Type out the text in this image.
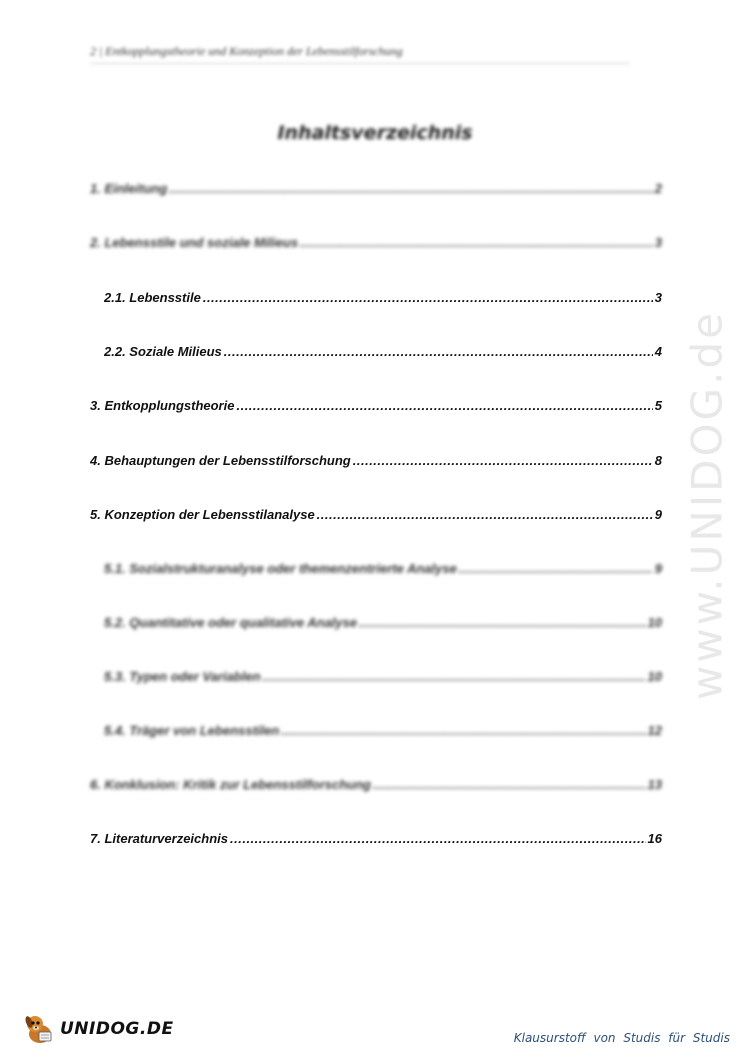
2 | Entkopplungstheorie und Konzeption der Lebensstilforschung
Inhaltsverzeichnis
1. Einleitung .....	2
2. Lebensstile und soziale Milieus .....	3
2.1. Lebensstile .....	3
2.2. Soziale Milieus .....	4
3. Entkopplungstheorie .....	5
4. Behauptungen der Lebensstilforschung .....	8
5. Konzeption der Lebensstilanalyse .....	9
5.1. Sozialstrukturanalyse oder themenzentrierte Analyse .....	9
5.2. Quantitative oder qualitative Analyse .....	10
5.3. Typen oder Variablen .....	10
5.4. Träger von Lebensstilen .....	12
6. Konklusion: Kritik zur Lebensstilforschung .....	13
7. Literaturverzeichnis .....	16
www.UNIDOG.de
UNIDOG.DE	Klausurstoff von Studis für Studis
